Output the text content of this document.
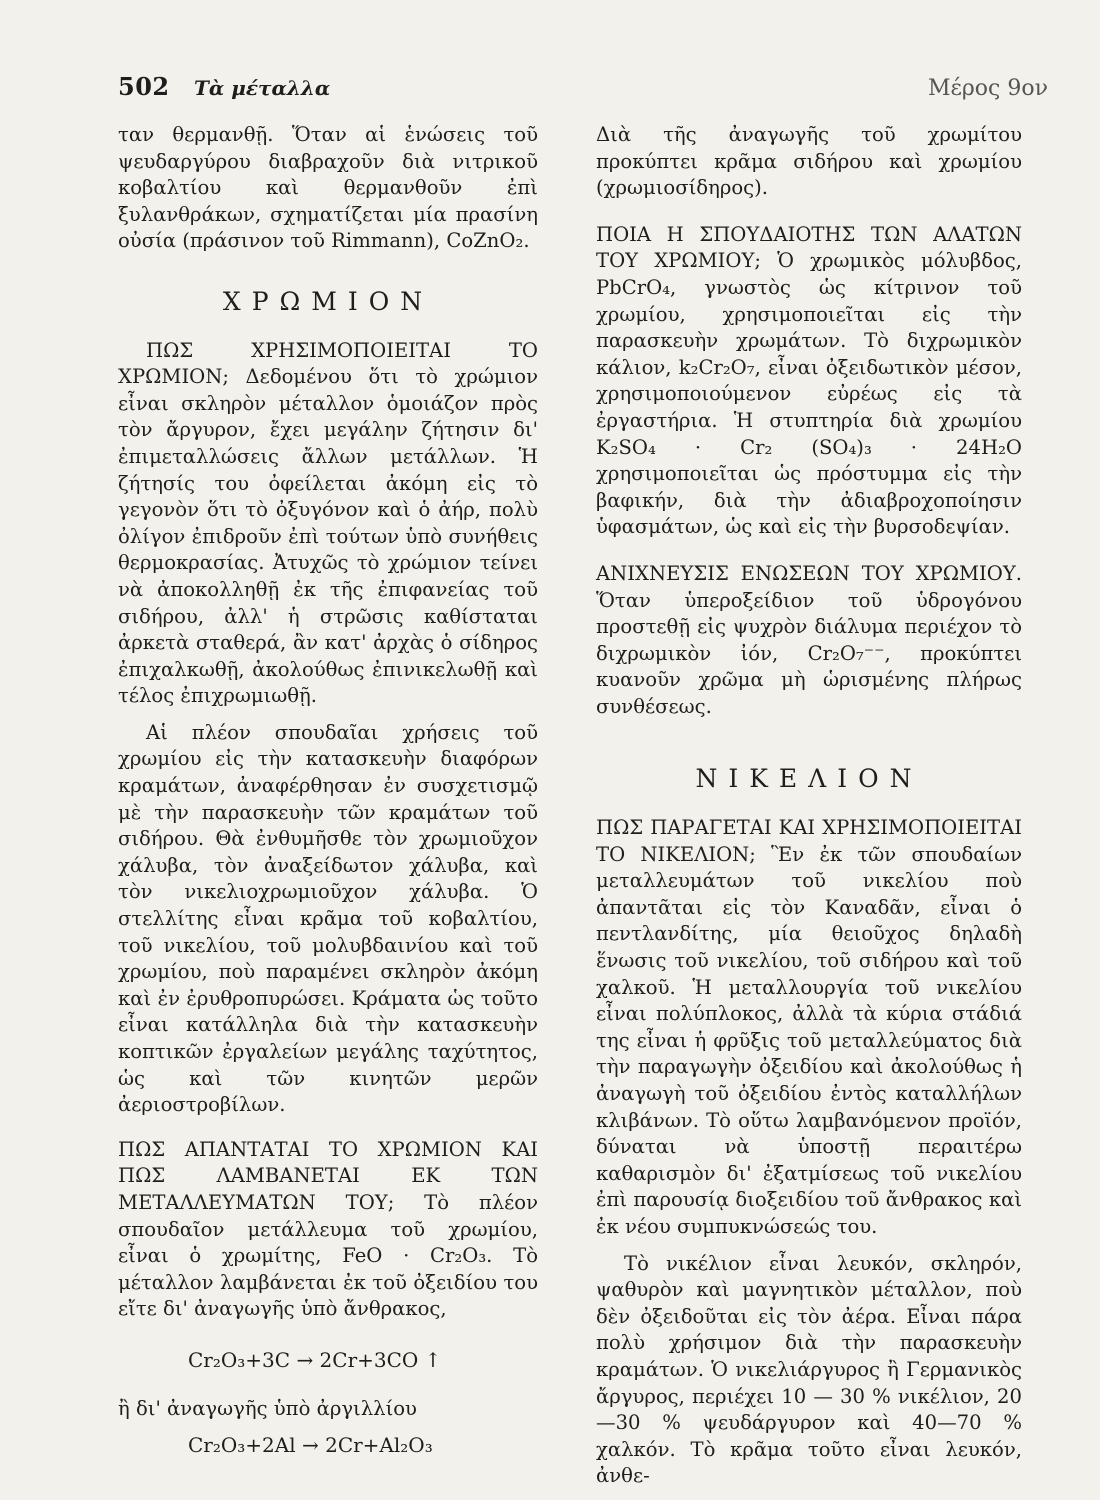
502 Τὰ μέταλλα	Μέρος 9ον

ταν θερμανθῇ. Ὅταν αἱ ἑνώσεις τοῦ ψευδαργύρου διαβραχοῦν διὰ νιτρικοῦ κοβαλτίου καὶ θερμανθοῦν ἐπὶ ξυλανθράκων, σχηματίζεται μία πρασίνη οὐσία (πράσινον τοῦ Rimmann), CoZnO₂.

ΧΡΩΜΙΟΝ

ΠΩΣ ΧΡΗΣΙΜΟΠΟΙΕΙΤΑΙ ΤΟ ΧΡΩΜΙΟΝ; Δεδομένου ὅτι τὸ χρώμιον εἶναι σκληρὸν μέταλλον ὁμοιάζον πρὸς τὸν ἄργυρον, ἔχει μεγάλην ζήτησιν δι' ἐπιμεταλλώσεις ἄλλων μετάλλων. Ἡ ζήτησίς του ὀφείλεται ἀκόμη εἰς τὸ γεγονὸν ὅτι τὸ ὀξυγόνον καὶ ὁ ἀήρ, πολὺ ὀλίγον ἐπιδροῦν ἐπὶ τούτων ὑπὸ συνήθεις θερμοκρασίας. Ἀτυχῶς τὸ χρώμιον τείνει νὰ ἀποκολληθῇ ἐκ τῆς ἐπιφανείας τοῦ σιδήρου, ἀλλ' ἡ στρῶσις καθίσταται ἀρκετὰ σταθερά, ἂν κατ' ἀρχὰς ὁ σίδηρος ἐπιχαλκωθῇ, ἀκολούθως ἐπινικελωθῇ καὶ τέλος ἐπιχρωμιωθῇ.

Αἱ πλέον σπουδαῖαι χρήσεις τοῦ χρωμίου εἰς τὴν κατασκευὴν διαφόρων κραμάτων, ἀναφέρθησαν ἐν συσχετισμῷ μὲ τὴν παρασκευὴν τῶν κραμάτων τοῦ σιδήρου. Θὰ ἐνθυμῆσθε τὸν χρωμιοῦχον χάλυβα, τὸν ἀναξείδωτον χάλυβα, καὶ τὸν νικελιοχρωμιοῦχον χάλυβα. Ὁ στελλίτης εἶναι κρᾶμα τοῦ κοβαλτίου, τοῦ νικελίου, τοῦ μολυβδαινίου καὶ τοῦ χρωμίου, ποὺ παραμένει σκληρὸν ἀκόμη καὶ ἐν ἐρυθροπυρώσει. Κράματα ὡς τοῦτο εἶναι κατάλληλα διὰ τὴν κατασκευὴν κοπτικῶν ἐργαλείων μεγάλης ταχύτητος, ὡς καὶ τῶν κινητῶν μερῶν ἀεριοστροβίλων.

ΠΩΣ ΑΠΑΝΤΑΤΑΙ ΤΟ ΧΡΩΜΙΟΝ ΚΑΙ ΠΩΣ ΛΑΜΒΑΝΕΤΑΙ ΕΚ ΤΩΝ ΜΕΤΑΛΛΕΥΜΑΤΩΝ ΤΟΥ; Τὸ πλέον σπουδαῖον μετάλλευμα τοῦ χρωμίου, εἶναι ὁ χρωμίτης, FeO · Cr₂O₃. Τὸ μέταλλον λαμβάνεται ἐκ τοῦ ὀξειδίου του εἴτε δι' ἀναγωγῆς ὑπὸ ἄνθρακος,

Cr₂O₃+3C → 2Cr+3CO ↑

ἢ δι' ἀναγωγῆς ὑπὸ ἀργιλλίου

Cr₂O₃+2Al → 2Cr+Al₂O₃

Διὰ τῆς ἀναγωγῆς τοῦ χρωμίτου προκύπτει κρᾶμα σιδήρου καὶ χρωμίου (χρωμιοσίδηρος).

ΠΟΙΑ Η ΣΠΟΥΔΑΙΟΤΗΣ ΤΩΝ ΑΛΑΤΩΝ ΤΟΥ ΧΡΩΜΙΟΥ; Ὁ χρωμικὸς μόλυβδος, PbCrO₄, γνωστὸς ὡς κίτρινον τοῦ χρωμίου, χρησιμοποιεῖται εἰς τὴν παρασκευὴν χρωμάτων. Τὸ διχρωμικὸν κάλιον, k₂Cr₂O₇, εἶναι ὀξειδωτικὸν μέσον, χρησιμοποιούμενον εὐρέως εἰς τὰ ἐργαστήρια. Ἡ στυπτηρία διὰ χρωμίου K₂SO₄ · Cr₂ (SO₄)₃ · 24H₂O χρησιμοποιεῖται ὡς πρόστυμμα εἰς τὴν βαφικήν, διὰ τὴν ἀδιαβροχοποίησιν ὑφασμάτων, ὡς καὶ εἰς τὴν βυρσοδεψίαν.

ΑΝΙΧΝΕΥΣΙΣ ΕΝΩΣΕΩΝ ΤΟΥ ΧΡΩΜΙΟΥ. Ὅταν ὑπεροξείδιον τοῦ ὑδρογόνου προστεθῇ εἰς ψυχρὸν διάλυμα περιέχον τὸ διχρωμικὸν ἰόν, Cr₂O₇⁻⁻, προκύπτει κυανοῦν χρῶμα μὴ ὡρισμένης πλήρως συνθέσεως.

ΝΙΚΕΛΙΟΝ

ΠΩΣ ΠΑΡΑΓΕΤΑΙ ΚΑΙ ΧΡΗΣΙΜΟΠΟΙΕΙΤΑΙ ΤΟ ΝΙΚΕΛΙΟΝ; Ἓν ἐκ τῶν σπουδαίων μεταλλευμάτων τοῦ νικελίου ποὺ ἀπαντᾶται εἰς τὸν Καναδᾶν, εἶναι ὁ πεντλανδίτης, μία θειοῦχος δηλαδὴ ἕνωσις τοῦ νικελίου, τοῦ σιδήρου καὶ τοῦ χαλκοῦ. Ἡ μεταλλουργία τοῦ νικελίου εἶναι πολύπλοκος, ἀλλὰ τὰ κύρια στάδιά της εἶναι ἡ φρῦξις τοῦ μεταλλεύματος διὰ τὴν παραγωγὴν ὀξειδίου καὶ ἀκολούθως ἡ ἀναγωγὴ τοῦ ὀξειδίου ἐντὸς καταλλήλων κλιβάνων. Τὸ οὕτω λαμβανόμενον προϊόν, δύναται νὰ ὑποστῇ περαιτέρω καθαρισμὸν δι' ἐξατμίσεως τοῦ νικελίου ἐπὶ παρουσίᾳ διοξειδίου τοῦ ἄνθρακος καὶ ἐκ νέου συμπυκνώσεώς του.

Τὸ νικέλιον εἶναι λευκόν, σκληρόν, ψαθυρὸν καὶ μαγνητικὸν μέταλλον, ποὺ δὲν ὀξειδοῦται εἰς τὸν ἀέρα. Εἶναι πάρα πολὺ χρήσιμον διὰ τὴν παρασκευὴν κραμάτων. Ὁ νικελιάργυρος ἢ Γερμανικὸς ἄργυρος, περιέχει 10 — 30 % νικέλιον, 20 —30 % ψευδάργυρον καὶ 40—70 % χαλκόν. Τὸ κρᾶμα τοῦτο εἶναι λευκόν, ἀνθε-
